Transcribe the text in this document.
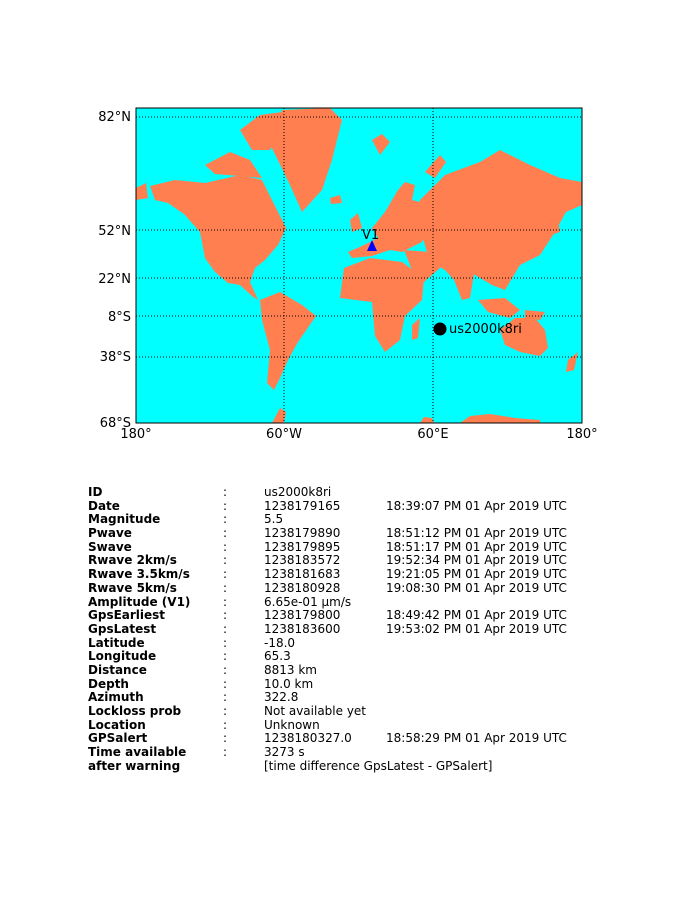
82°N
52°N
22°N
8°S
38°S
68°S
180°	60°W	60°E	180°
V1
us2000k8ri
ID	:	us2000k8ri
Date	:	1238179165	18:39:07 PM 01 Apr 2019 UTC
Magnitude	:	5.5
Pwave	:	1238179890	18:51:12 PM 01 Apr 2019 UTC
Swave	:	1238179895	18:51:17 PM 01 Apr 2019 UTC
Rwave 2km/s	:	1238183572	19:52:34 PM 01 Apr 2019 UTC
Rwave 3.5km/s	:	1238181683	19:21:05 PM 01 Apr 2019 UTC
Rwave 5km/s	:	1238180928	19:08:30 PM 01 Apr 2019 UTC
Amplitude (V1)	:	6.65e-01 μm/s
GpsEarliest	:	1238179800	18:49:42 PM 01 Apr 2019 UTC
GpsLatest	:	1238183600	19:53:02 PM 01 Apr 2019 UTC
Latitude	:	-18.0
Longitude	:	65.3
Distance	:	8813 km
Depth	:	10.0 km
Azimuth	:	322.8
Lockloss prob	:	Not available yet
Location	:	Unknown
GPSalert	:	1238180327.0	18:58:29 PM 01 Apr 2019 UTC
Time available	:	3273 s
after warning	[time difference GpsLatest - GPSalert]
